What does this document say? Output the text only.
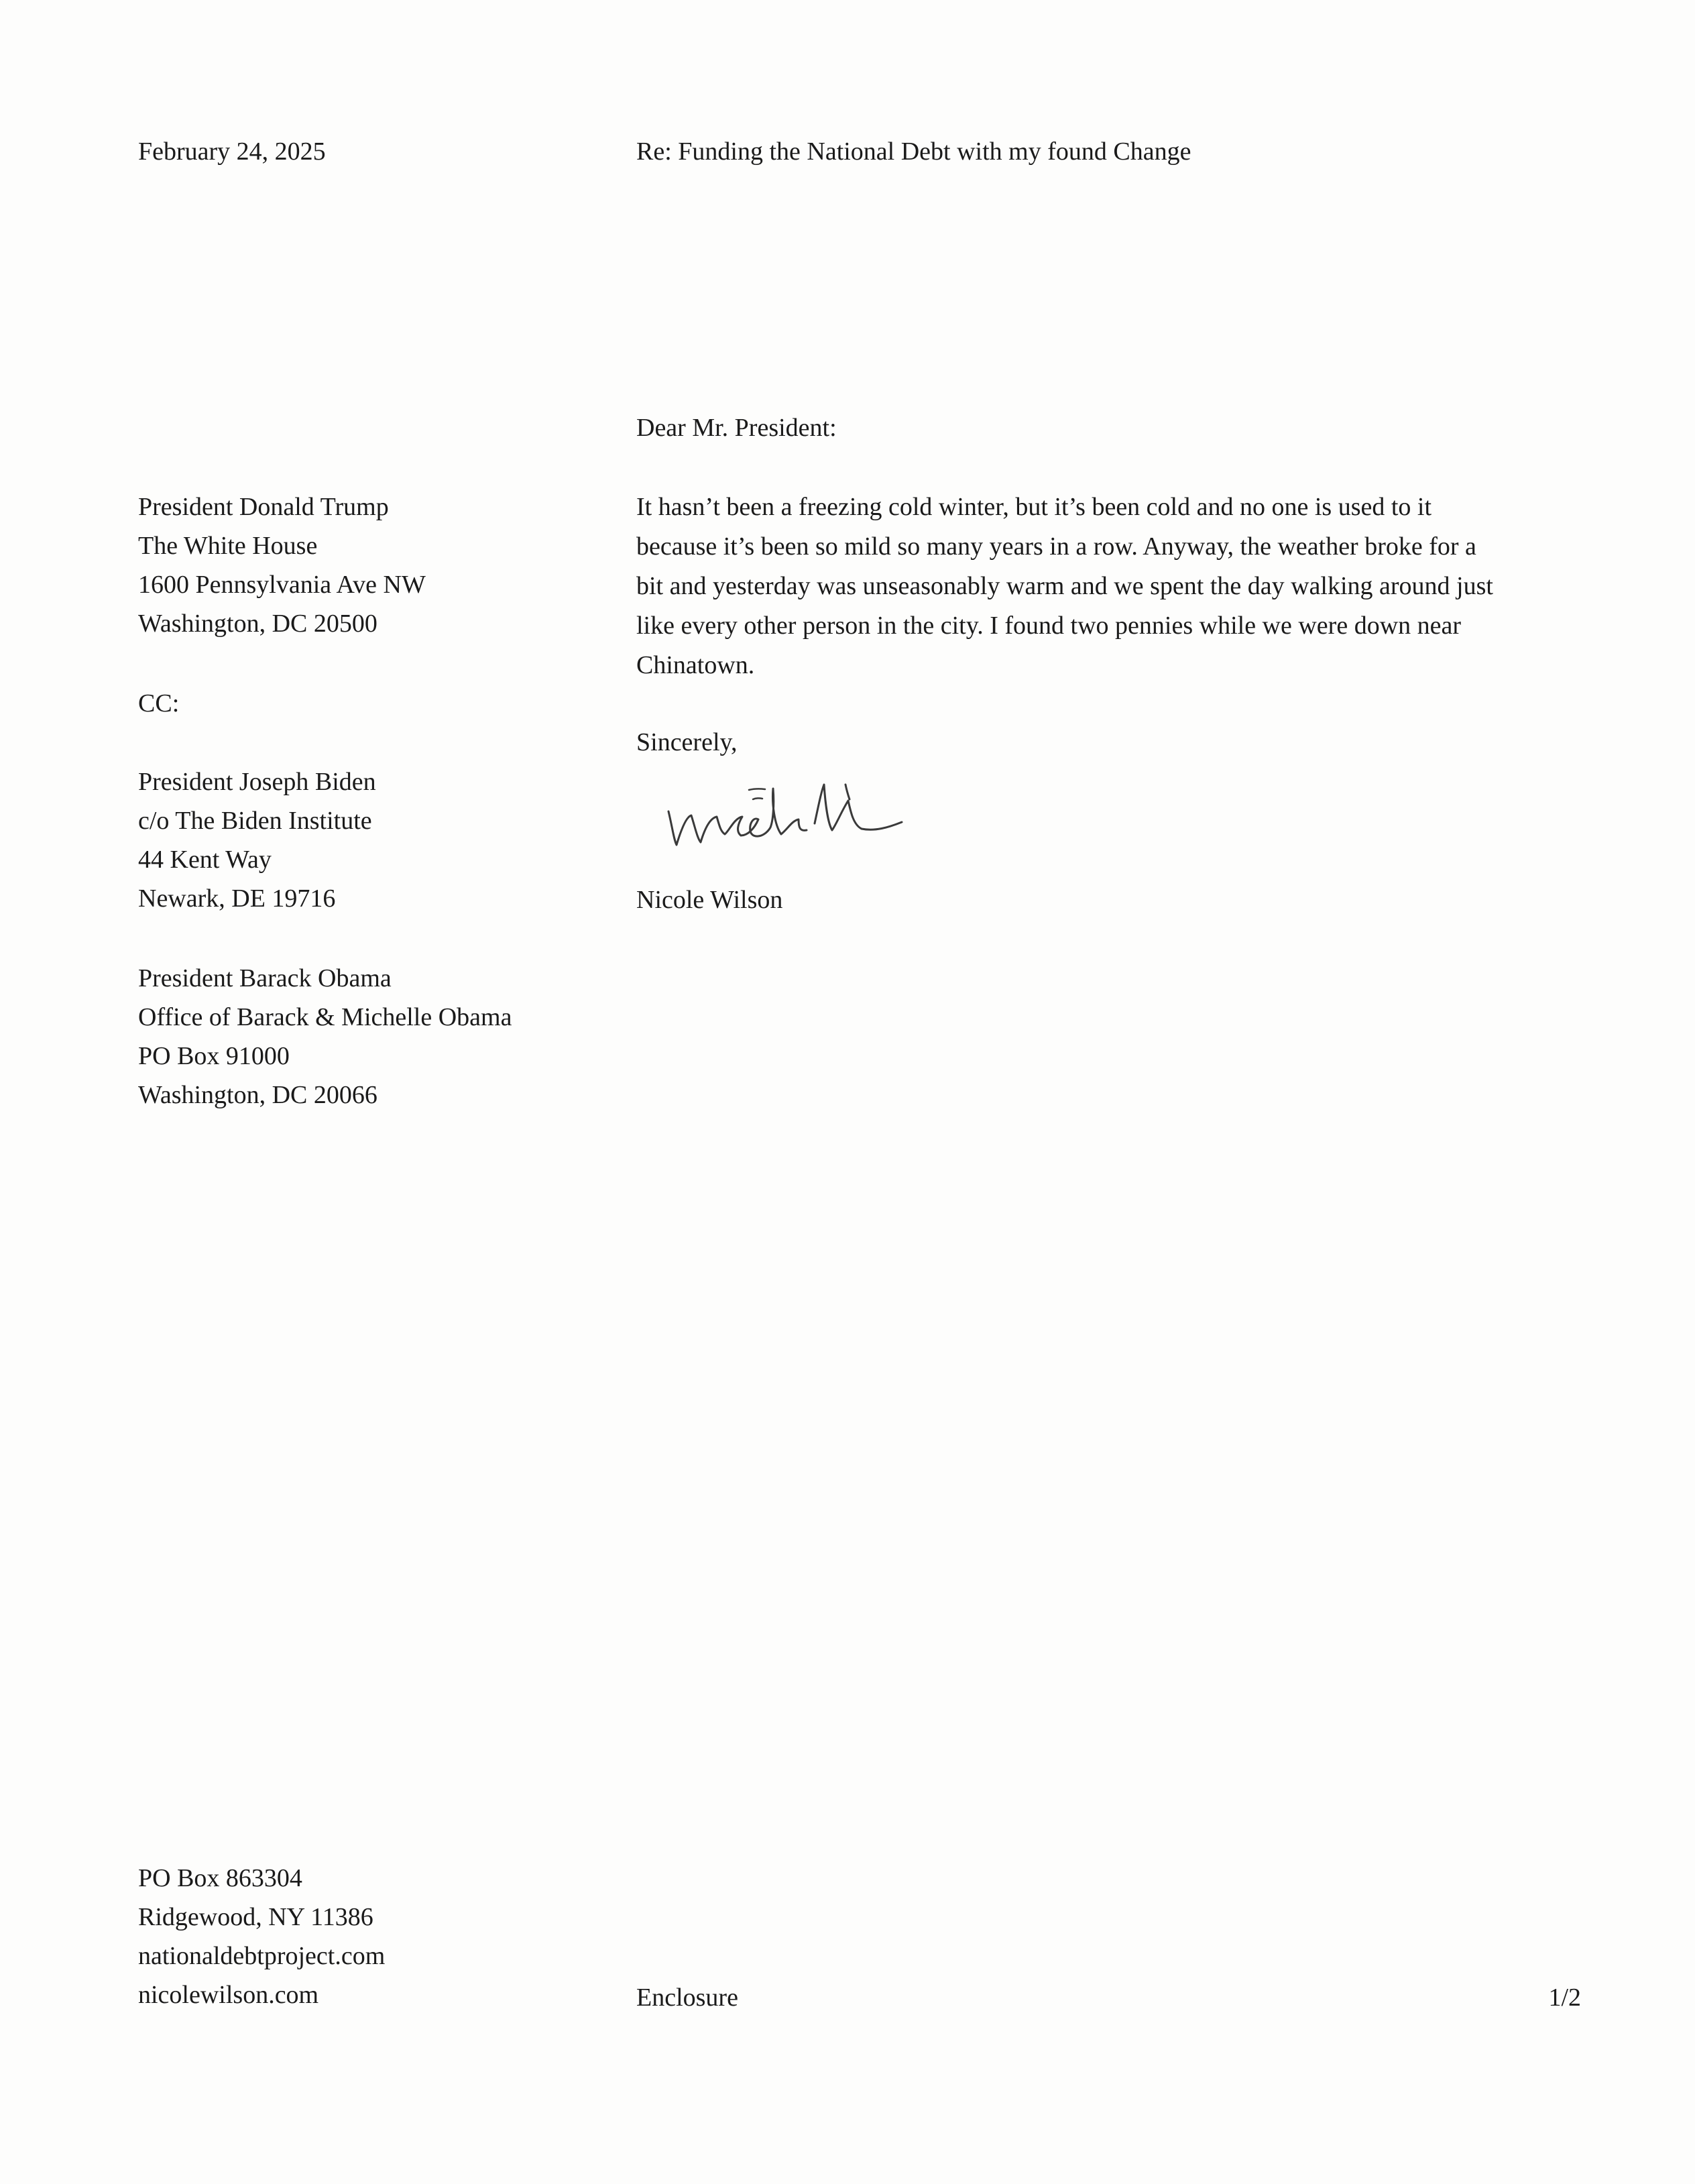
February 24, 2025	Re: Funding the National Debt with my found Change
Dear Mr. President:
President Donald Trump
The White House
1600 Pennsylvania Ave NW
Washington, DC 20500
CC:
President Joseph Biden
c/o The Biden Institute
44 Kent Way
Newark, DE 19716
President Barack Obama
Office of Barack & Michelle Obama
PO Box 91000
Washington, DC 20066
It hasn’t been a freezing cold winter, but it’s been cold and no one is used to it
because it’s been so mild so many years in a row. Anyway, the weather broke for a
bit and yesterday was unseasonably warm and we spent the day walking around just
like every other person in the city. I found two pennies while we were down near
Chinatown.
Sincerely,
Nicole Wilson
PO Box 863304
Ridgewood, NY 11386
nationaldebtproject.com
nicolewilson.com	Enclosure	1/2
